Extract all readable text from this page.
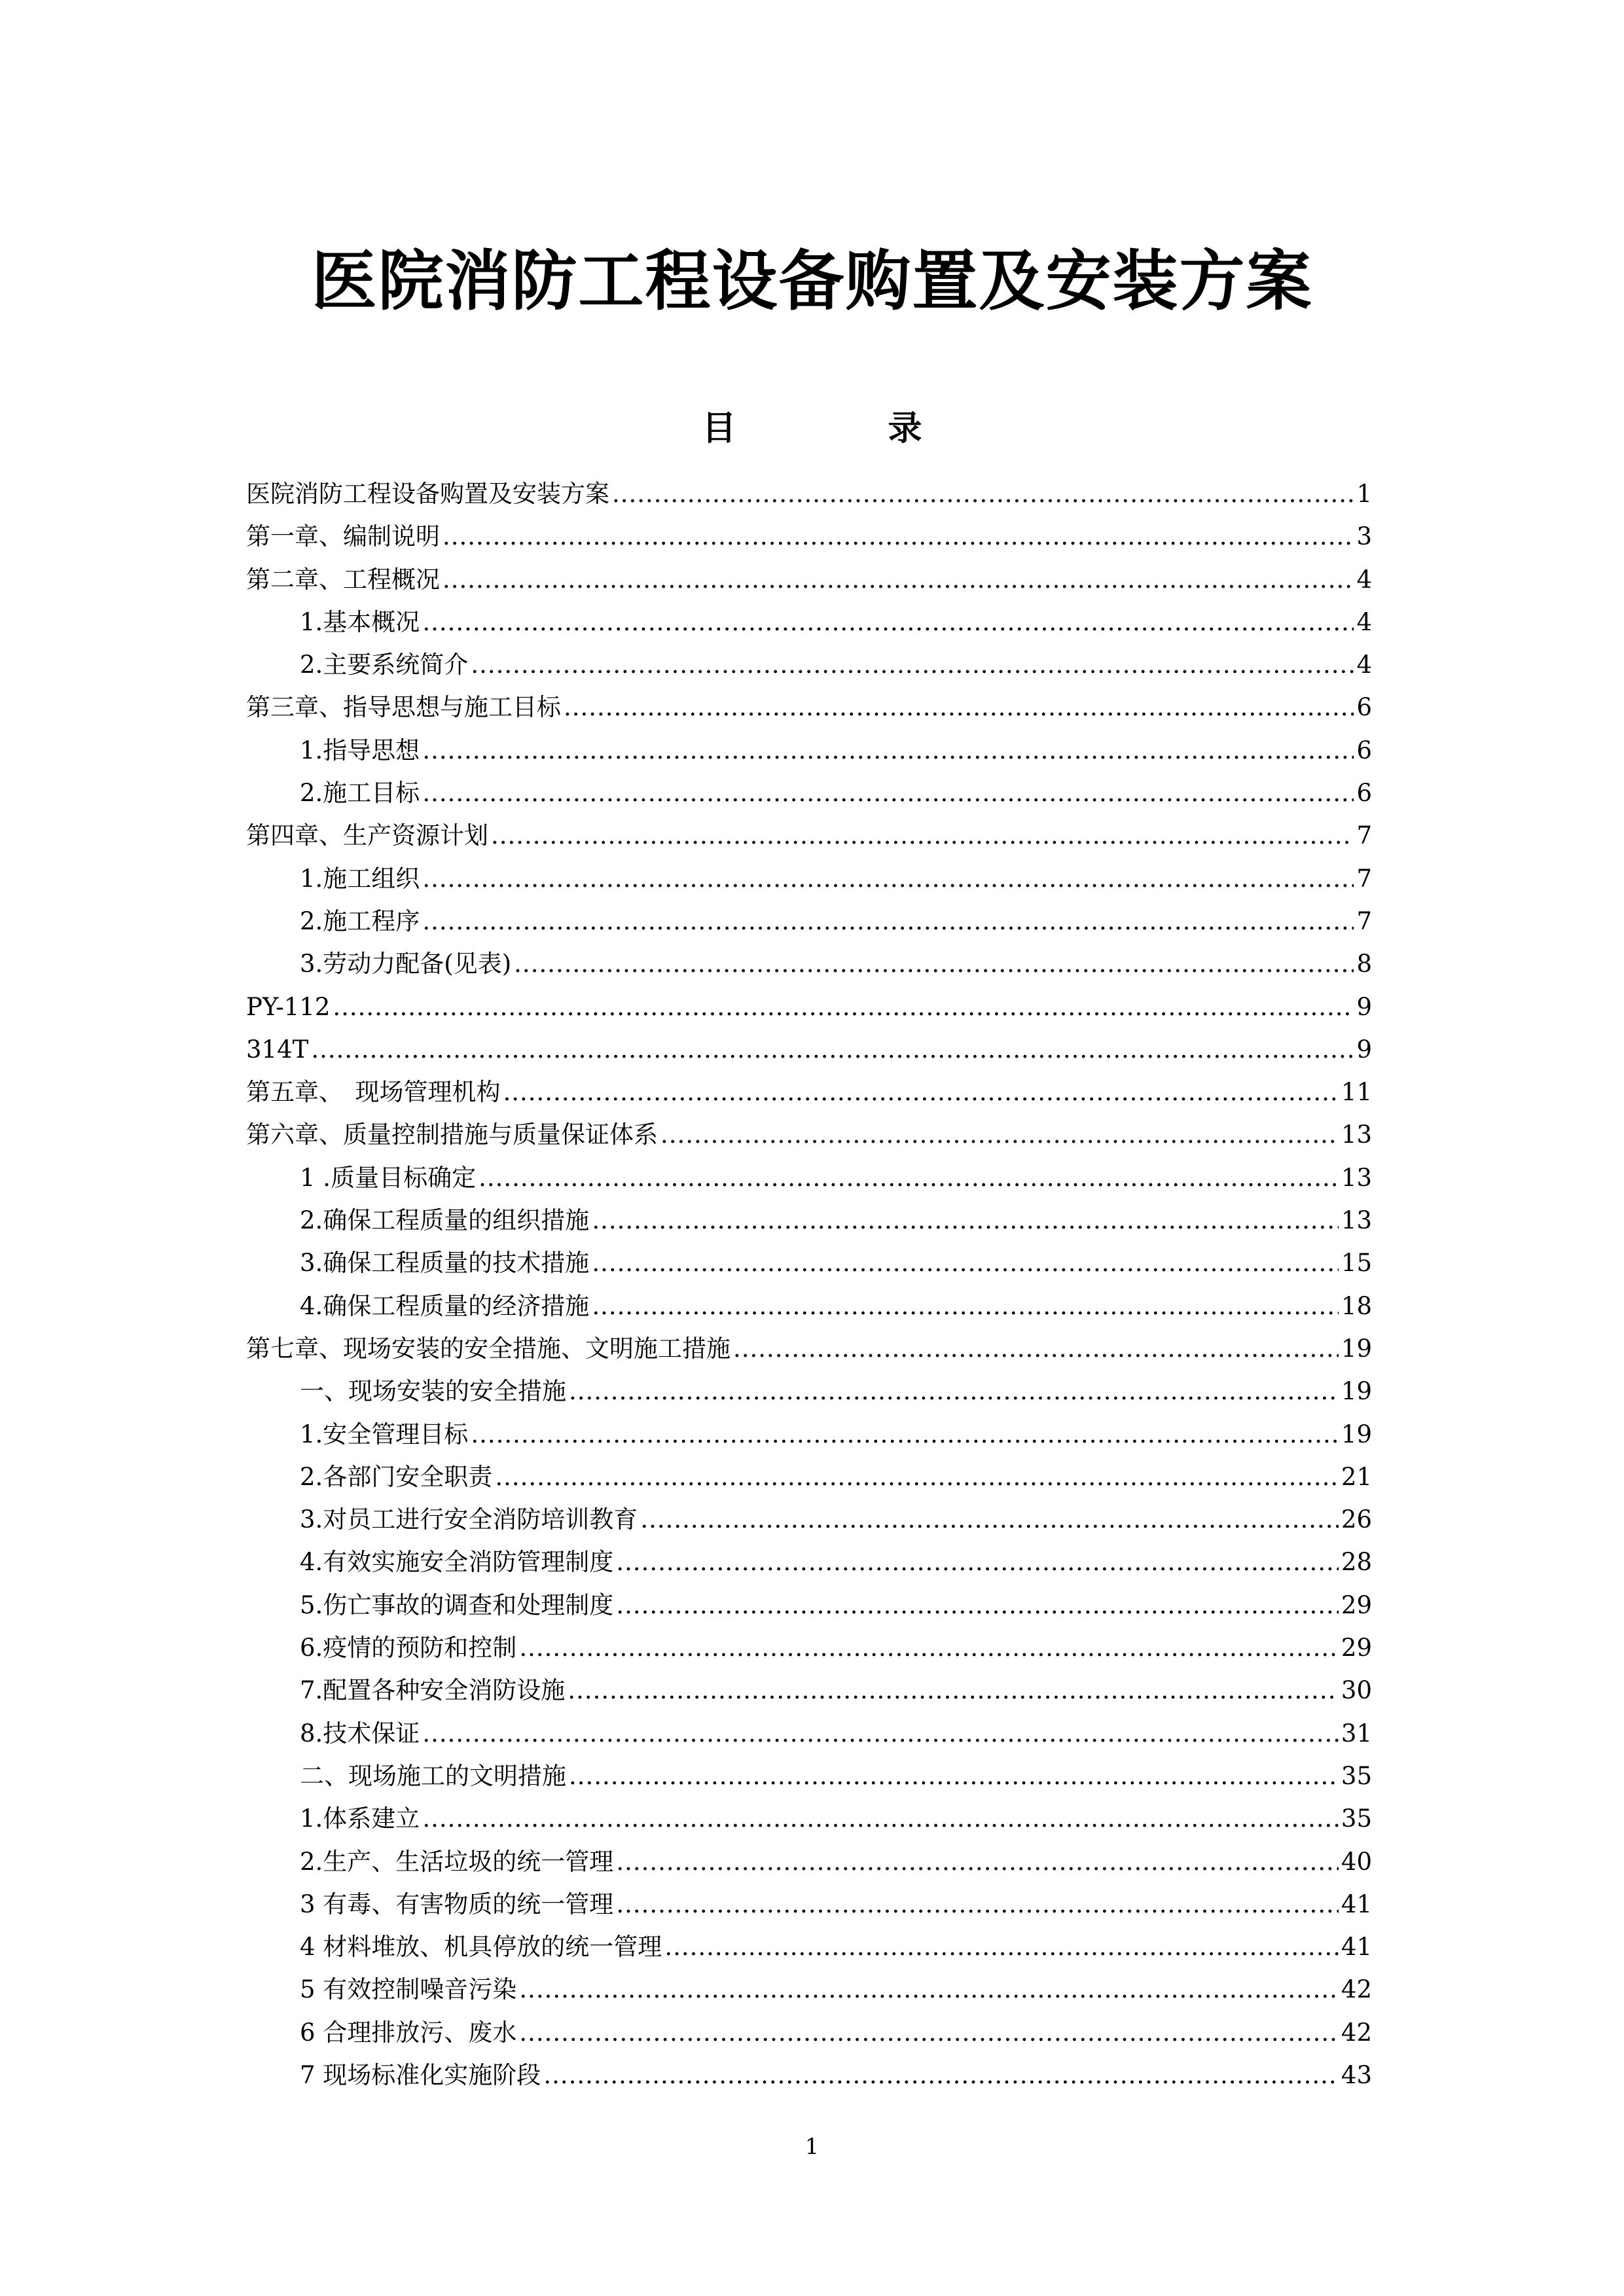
医院消防工程设备购置及安装方案
目　录
医院消防工程设备购置及安装方案 .....	1
第一章、编制说明 .....	3
第二章、工程概况 .....	4
1.基本概况 .....	4
2.主要系统简介 .....	4
第三章、指导思想与施工目标 .....	6
1.指导思想 .....	6
2.施工目标 .....	6
第四章、生产资源计划 .....	7
1.施工组织 .....	7
2.施工程序 .....	7
3.劳动力配备(见表) .....	8
PY-112 .....	9
314T .....	9
第五章、　现场管理机构 .....	11
第六章、质量控制措施与质量保证体系 .....	13
1 .质量目标确定 .....	13
2.确保工程质量的组织措施 .....	13
3.确保工程质量的技术措施 .....	15
4.确保工程质量的经济措施 .....	18
第七章、现场安装的安全措施、文明施工措施 .....	19
一、现场安装的安全措施 .....	19
1.安全管理目标 .....	19
2.各部门安全职责 .....	21
3.对员工进行安全消防培训教育 .....	26
4.有效实施安全消防管理制度 .....	28
5.伤亡事故的调查和处理制度 .....	29
6.疫情的预防和控制 .....	29
7.配置各种安全消防设施 .....	30
8.技术保证 .....	31
二、现场施工的文明措施 .....	35
1.体系建立 .....	35
2.生产、生活垃圾的统一管理 .....	40
3 有毒、有害物质的统一管理 .....	41
4 材料堆放、机具停放的统一管理 .....	41
5 有效控制噪音污染 .....	42
6 合理排放污、废水 .....	42
7 现场标准化实施阶段 .....	43
1
